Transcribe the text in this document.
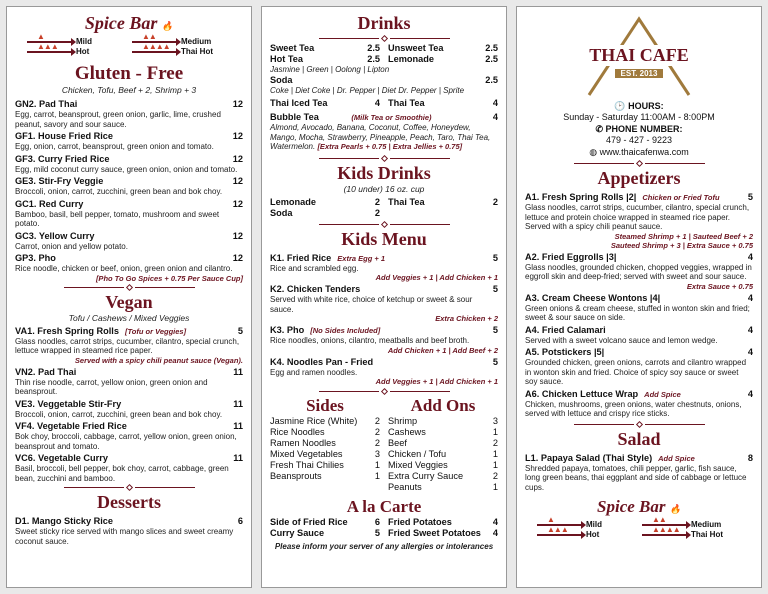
Spice Bar 🔥
▲
Mild
▲▲
Medium
▲▲▲
Hot
▲▲▲▲
Thai Hot
Gluten - Free
Chicken, Tofu, Beef + 2, Shrimp + 3
GN2. Pad Thai	12
Egg, carrot, beansprout, green onion, garlic, lime, crushed peanut, savory and sour sauce.
GF1. House Fried Rice	12
Egg, onion, carrot, beansprout, green onion and tomato.
GF3. Curry Fried Rice	12
Egg, mild coconut curry sauce, green onion, onion and tomato.
GE3. Stir-Fry Veggie	12
Broccoli, onion, carrot, zucchini, green bean and bok choy.
GC1. Red Curry	12
Bamboo, basil, bell pepper, tomato, mushroom and sweet potato.
GC3. Yellow Curry	12
Carrot, onion and yellow potato.
GP3. Pho	12
Rice noodle, chicken or beef, onion, green onion and cilantro.
[Pho To Go Spices + 0.75 Per Sauce Cup]
Vegan
Tofu / Cashews / Mixed Veggies
VA1. Fresh Spring Rolls [Tofu or Veggies]	5
Glass noodles, carrot strips, cucumber, cilantro, special crunch, lettuce wrapped in steamed rice paper.
Served with a spicy chili peanut sauce (Vegan).
VN2. Pad Thai	11
Thin rise noodle, carrot, yellow onion, green onion and beansprout.
VE3. Veggetable Stir-Fry	11
Broccoli, onion, carrot, zucchini, green bean and bok choy.
VF4. Vegetable Fried Rice	11
Bok choy, broccoli, cabbage, carrot, yellow onion, green onion, beansprout and tomato.
VC6. Vegetable Curry	11
Basil, broccoli, bell pepper, bok choy, carrot, cabbage, green bean, zucchini and bamboo.
Desserts
D1. Mango Sticky Rice	6
Sweet sticky rice served with mango slices and sweet creamy coconut sauce.
Drinks
Sweet Tea	2.5
Hot Tea	2.5
Unsweet Tea	2.5
Lemonade	2.5
Jasmine | Green | Oolong | Lipton
Soda	2.5
Coke | Diet Coke | Dr. Pepper | Diet Dr. Pepper | Sprite
Thai Iced Tea	4 Thai Tea	4
Bubble Tea	(Milk Tea or Smoothie)	4
Almond, Avocado, Banana, Coconut, Coffee, Honeydew, Mango, Mocha, Strawberry, Pineapple, Peach, Taro, Thai Tea, Watermelon. [Extra Pearls + 0.75 | Extra Jellies + 0.75]
Kids Drinks
(10 under) 16 oz. cup
Lemonade	2
Soda	2
Thai Tea	2
Kids Menu
K1. Fried Rice Extra Egg + 1	5
Rice and scrambled egg.
Add Veggies + 1 | Add Chicken + 1
K2. Chicken Tenders	5
Served with white rice, choice of ketchup or sweet & sour sauce.
Extra Chicken + 2
K3. Pho [No Sides Included]	5
Rice noodles, onions, cilantro, meatballs and beef broth.
Add Chicken + 1 | Add Beef + 2
K4. Noodles Pan - Fried	5
Egg and ramen noodles.
Add Veggies + 1 | Add Chicken + 1
Sides
Jasmine Rice (White) 2
Rice Noodles	2
Ramen Noodles	2
Mixed Vegetables	3
Fresh Thai Chilies	1
Beansprouts	1
Add Ons
Shrimp	3
Cashews	1
Beef	2
Chicken / Tofu	1
Mixed Veggies	1
Extra Curry Sauce	2
Peanuts	1
A la Carte
Side of Fried Rice	6
Curry Sauce	5
Fried Potatoes	4
Fried Sweet Potatoes 4
Please inform your server of any allergies or intolerances
THAI CAFE
EST. 2013
🕑 HOURS:
Sunday - Saturday 11:00AM - 8:00PM
✆ PHONE NUMBER:
479 - 427 - 9223
◍ www.thaicafenwa.com
Appetizers
A1. Fresh Spring Rolls |2| Chicken or Fried Tofu	5
Glass noodles, carrot strips, cucumber, cilantro, special crunch, lettuce and protein choice wrapped in steamed rice paper. Served with a spicy chili peanut sauce.
Steamed Shrimp + 1 | Sauteed Beef + 2
Sauteed Shrimp + 3 | Extra Sauce + 0.75
A2. Fried Eggrolls |3|	4
Glass noodles, grounded chicken, chopped veggies, wrapped in eggroll skin and deep-fried; served with sweet and sour sauce.
Extra Sauce + 0.75
A3. Cream Cheese Wontons |4|	4
Green onions & cream cheese, stuffed in wonton skin and fried; sweet & sour sauce on side.
A4. Fried Calamari	4
Served with a sweet volcano sauce and lemon wedge.
A5. Potstickers |5|	4
Grounded chicken, green onions, carrots and cilantro wrapped in wonton skin and fried. Choice of spicy soy sauce or sweet soy sauce.
A6. Chicken Lettuce Wrap Add Spice	4
Chicken, mushrooms, green onions, water chestnuts, onions, served with lettuce and crispy rice sticks.
Salad
L1. Papaya Salad (Thai Style) Add Spice	8
Shredded papaya, tomatoes, chili pepper, garlic, fish sauce, long green beans, thai eggplant and side of cabbage or lettuce cups.
Spice Bar 🔥
▲
Mild
▲▲
Medium
▲▲▲
Hot
▲▲▲▲
Thai Hot
